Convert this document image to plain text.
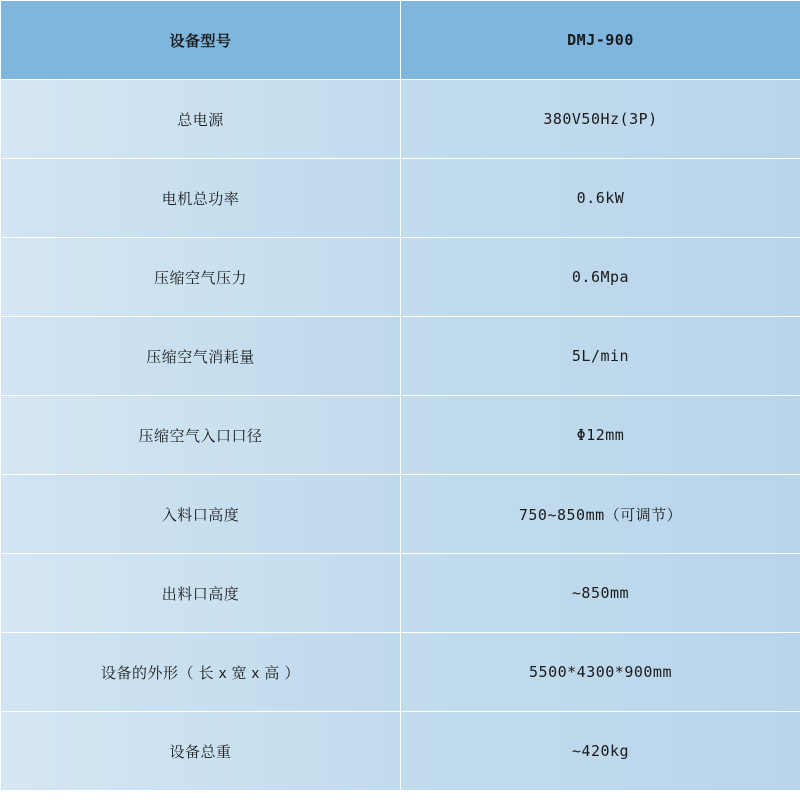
设备型号	DMJ-900
总电源	380V50Hz(3P)
电机总功率	0.6kW
压缩空气压力	0.6Mpa
压缩空气消耗量	5L/min
压缩空气入口口径	Φ12mm
入料口高度	750~850mm（可调节）
出料口高度	~850mm
设备的外形（ 长 x 宽 x 高 ）	5500*4300*900mm
设备总重	~420kg
